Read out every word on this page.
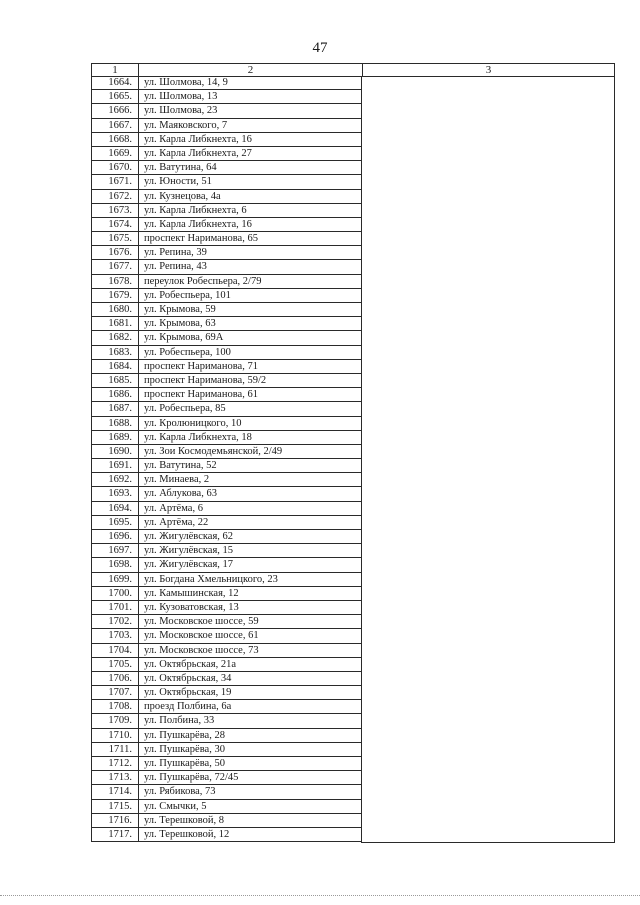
47
1	2	3
1664.	ул. Шолмова, 14, 9
1665.	ул. Шолмова, 13
1666.	ул. Шолмова, 23
1667.	ул. Маяковского, 7
1668.	ул. Карла Либкнехта, 16
1669.	ул. Карла Либкнехта, 27
1670.	ул. Ватутина, 64
1671.	ул. Юности, 51
1672.	ул. Кузнецова, 4а
1673.	ул. Карла Либкнехта, 6
1674.	ул. Карла Либкнехта, 16
1675.	проспект Нариманова, 65
1676.	ул. Репина, 39
1677.	ул. Репина, 43
1678.	переулок Робеспьера, 2/79
1679.	ул. Робеспьера, 101
1680.	ул. Крымова, 59
1681.	ул. Крымова, 63
1682.	ул. Крымова, 69А
1683.	ул. Робеспьера, 100
1684.	проспект Нариманова, 71
1685.	проспект Нариманова, 59/2
1686.	проспект Нариманова, 61
1687.	ул. Робеспьера, 85
1688.	ул. Кролюницкого, 10
1689.	ул. Карла Либкнехта, 18
1690.	ул. Зои Космодемьянской, 2/49
1691.	ул. Ватутина, 52
1692.	ул. Минаева, 2
1693.	ул. Аблукова, 63
1694.	ул. Артёма, 6
1695.	ул. Артёма, 22
1696.	ул. Жигулёвская, 62
1697.	ул. Жигулёвская, 15
1698.	ул. Жигулёвская, 17
1699.	ул. Богдана Хмельницкого, 23
1700.	ул. Камышинская, 12
1701.	ул. Кузоватовская, 13
1702.	ул. Московское шоссе, 59
1703.	ул. Московское шоссе, 61
1704.	ул. Московское шоссе, 73
1705.	ул. Октябрьская, 21а
1706.	ул. Октябрьская, 34
1707.	ул. Октябрьская, 19
1708.	проезд Полбина, 6а
1709.	ул. Полбина, 33
1710.	ул. Пушкарёва, 28
1711.	ул. Пушкарёва, 30
1712.	ул. Пушкарёва, 50
1713.	ул. Пушкарёва, 72/45
1714.	ул. Рябикова, 73
1715.	ул. Смычки, 5
1716.	ул. Терешковой, 8
1717.	ул. Терешковой, 12
